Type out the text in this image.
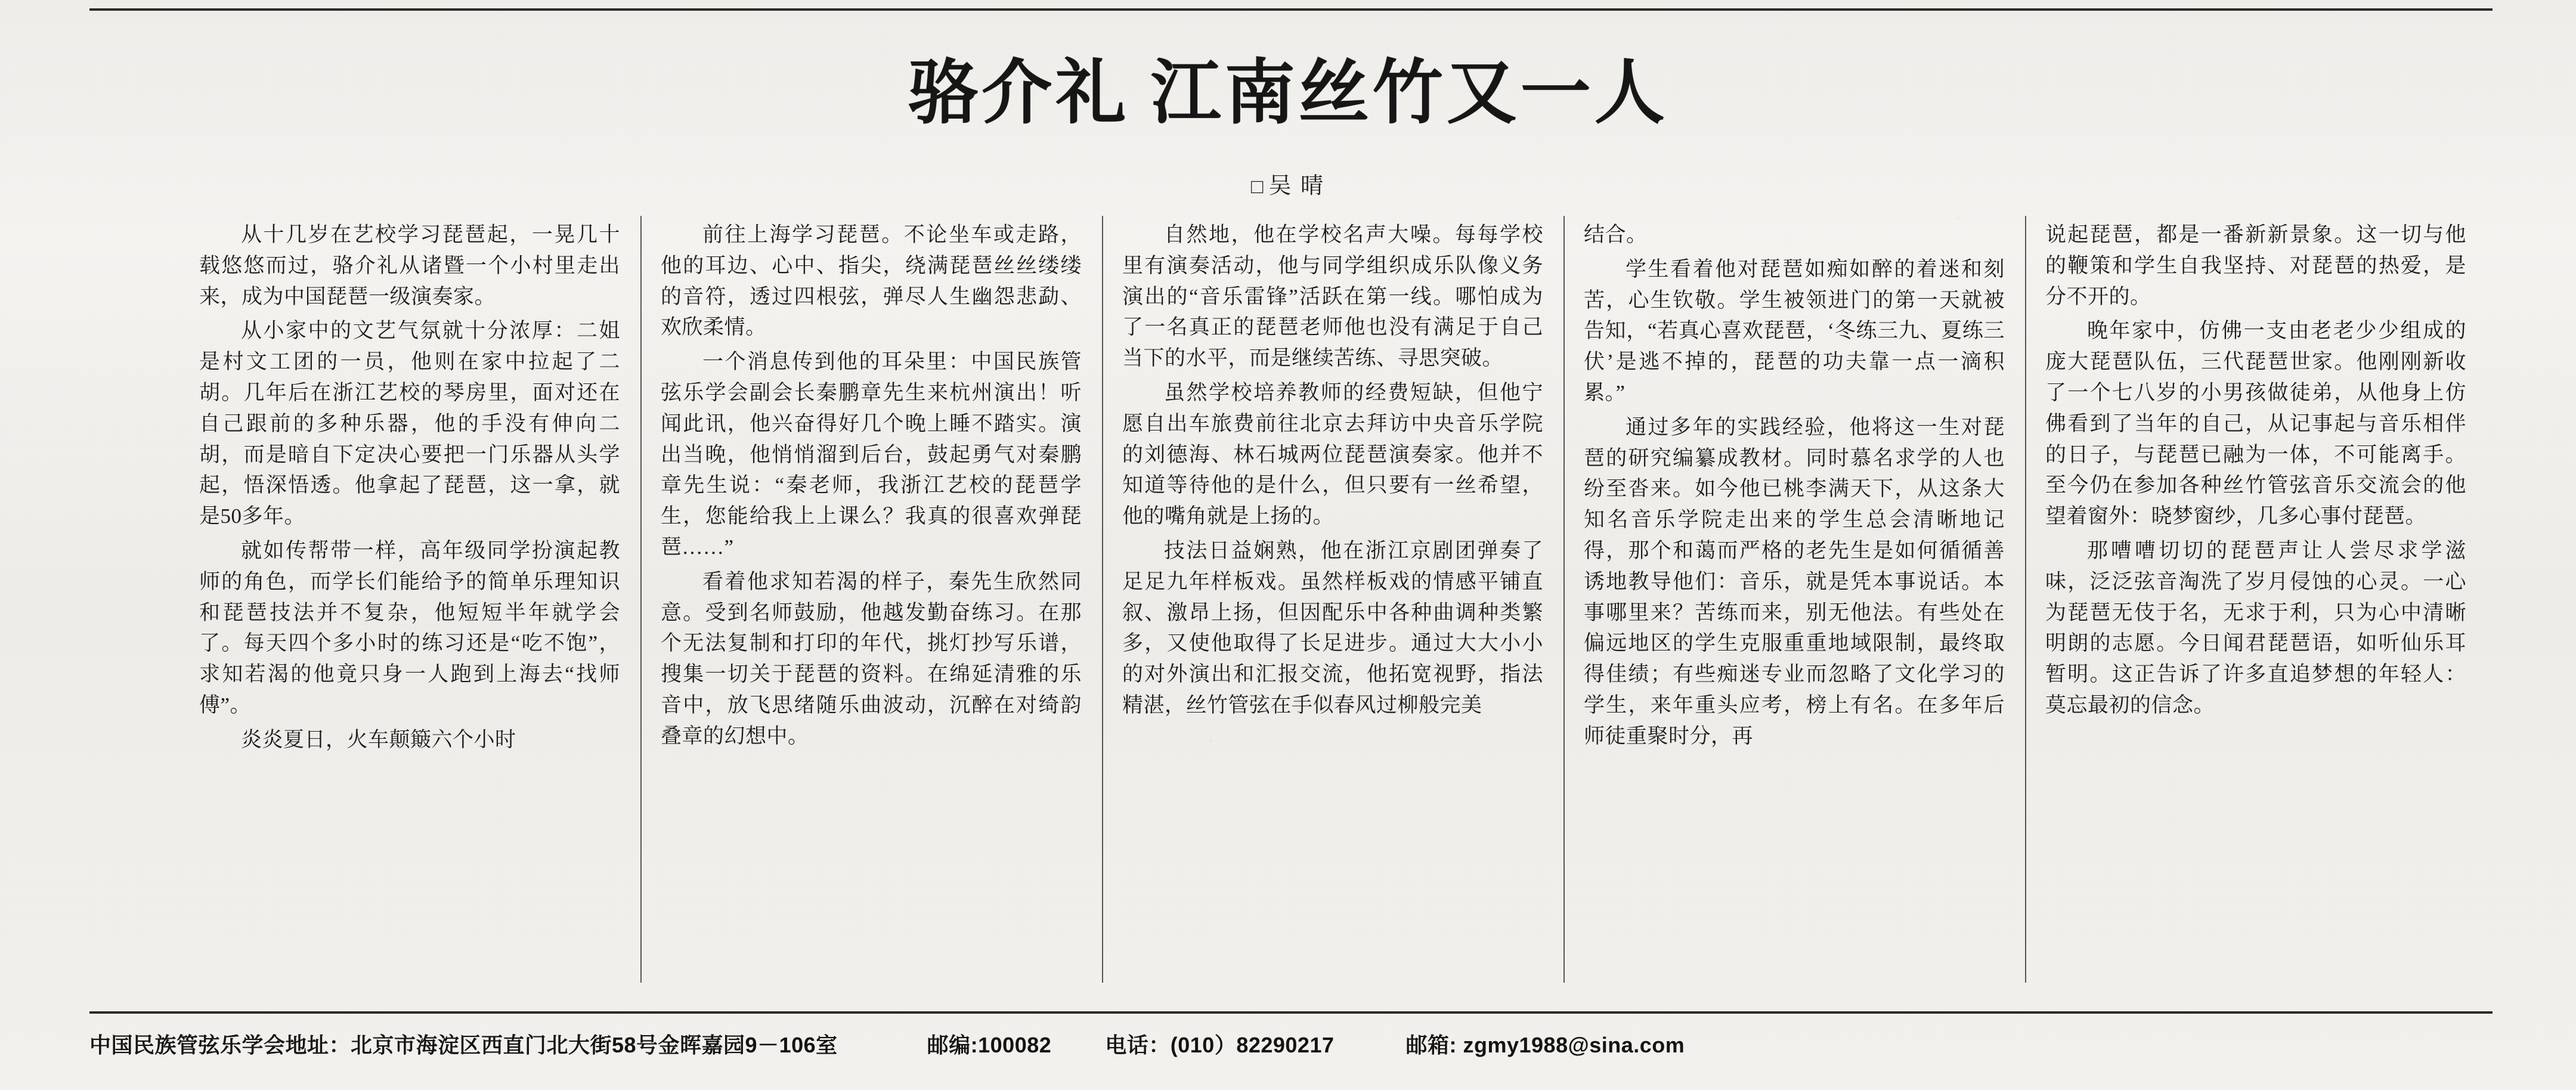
骆介礼 江南丝竹又一人
□ 吴 晴

从十几岁在艺校学习琵琶起，一晃几十载悠悠而过，骆介礼从诸暨一个小村里走出来，成为中国琵琶一级演奏家。

从小家中的文艺气氛就十分浓厚：二姐是村文工团的一员，他则在家中拉起了二胡。几年后在浙江艺校的琴房里，面对还在自己跟前的多种乐器，他的手没有伸向二胡，而是暗自下定决心要把一门乐器从头学起，悟深悟透。他拿起了琵琶，这一拿，就是50多年。

就如传帮带一样，高年级同学扮演起教师的角色，而学长们能给予的简单乐理知识和琵琶技法并不复杂，他短短半年就学会了。每天四个多小时的练习还是“吃不饱”，求知若渴的他竟只身一人跑到上海去“找师傅”。

炎炎夏日，火车颠簸六个小时

前往上海学习琵琶。不论坐车或走路，他的耳边、心中、指尖，绕满琵琶丝丝缕缕的音符，透过四根弦，弹尽人生幽怨悲勐、欢欣柔情。

一个消息传到他的耳朵里：中国民族管弦乐学会副会长秦鹏章先生来杭州演出！听闻此讯，他兴奋得好几个晚上睡不踏实。演出当晚，他悄悄溜到后台，鼓起勇气对秦鹏章先生说：“秦老师，我浙江艺校的琵琶学生，您能给我上上课么？我真的很喜欢弹琵琶……”

看着他求知若渴的样子，秦先生欣然同意。受到名师鼓励，他越发勤奋练习。在那个无法复制和打印的年代，挑灯抄写乐谱，搜集一切关于琵琶的资料。在绵延清雅的乐音中，放飞思绪随乐曲波动，沉醉在对绮韵叠章的幻想中。

自然地，他在学校名声大噪。每每学校里有演奏活动，他与同学组织成乐队像义务演出的“音乐雷锋”活跃在第一线。哪怕成为了一名真正的琵琶老师他也没有满足于自己当下的水平，而是继续苦练、寻思突破。

虽然学校培养教师的经费短缺，但他宁愿自出车旅费前往北京去拜访中央音乐学院的刘德海、林石城两位琵琶演奏家。他并不知道等待他的是什么，但只要有一丝希望，他的嘴角就是上扬的。

技法日益娴熟，他在浙江京剧团弹奏了足足九年样板戏。虽然样板戏的情感平铺直叙、激昂上扬，但因配乐中各种曲调种类繁多，又使他取得了长足进步。通过大大小小的对外演出和汇报交流，他拓宽视野，指法精湛，丝竹管弦在手似春风过柳般完美

结合。

学生看着他对琵琶如痴如醉的着迷和刻苦，心生钦敬。学生被领进门的第一天就被告知，“若真心喜欢琵琶，‘冬练三九、夏练三伏’是逃不掉的，琵琶的功夫靠一点一滴积累。”

通过多年的实践经验，他将这一生对琵琶的研究编纂成教材。同时慕名求学的人也纷至沓来。如今他已桃李满天下，从这条大知名音乐学院走出来的学生总会清晰地记得，那个和蔼而严格的老先生是如何循循善诱地教导他们：音乐，就是凭本事说话。本事哪里来？苦练而来，别无他法。有些处在偏远地区的学生克服重重地域限制，最终取得佳绩；有些痴迷专业而忽略了文化学习的学生，来年重头应考，榜上有名。在多年后师徒重聚时分，再

说起琵琶，都是一番新新景象。这一切与他的鞭策和学生自我坚持、对琵琶的热爱，是分不开的。

晚年家中，仿佛一支由老老少少组成的庞大琵琶队伍，三代琵琶世家。他刚刚新收了一个七八岁的小男孩做徒弟，从他身上仿佛看到了当年的自己，从记事起与音乐相伴的日子，与琵琶已融为一体，不可能离手。至今仍在参加各种丝竹管弦音乐交流会的他望着窗外：晓梦窗纱，几多心事付琵琶。

那嘈嘈切切的琵琶声让人尝尽求学滋味，泛泛弦音淘洗了岁月侵蚀的心灵。一心为琵琶无伎于名，无求于利，只为心中清晰明朗的志愿。今日闻君琵琶语，如听仙乐耳暂明。这正告诉了许多直追梦想的年轻人：莫忘最初的信念。

中国民族管弦乐学会地址：北京市海淀区西直门北大街58号金晖嘉园9－106室	邮编:100082	电话：(010）82290217	邮箱: zgmy1988@sina.com
